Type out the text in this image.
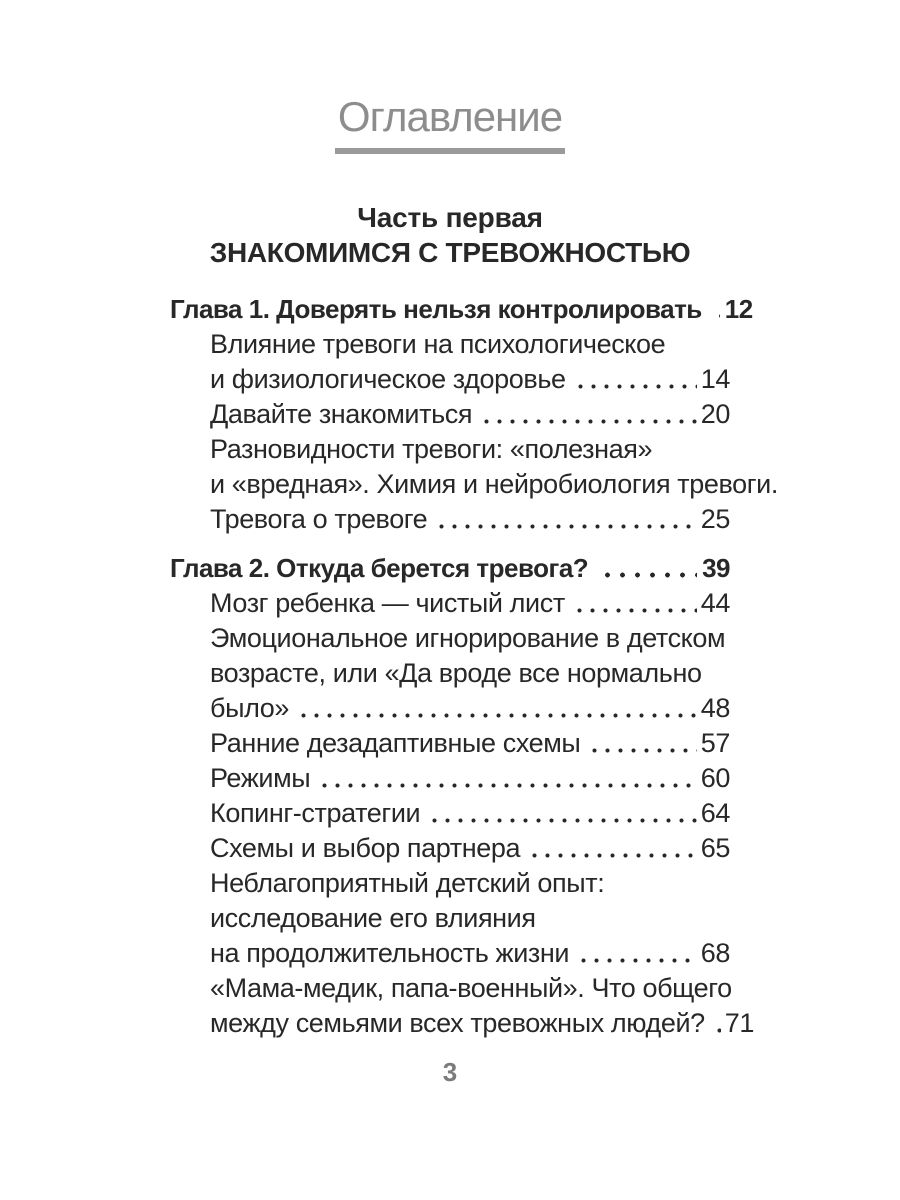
Оглавление
Часть первая
ЗНАКОМИМСЯ С ТРЕВОЖНОСТЬЮ
Глава 1. Доверять нельзя контролировать 12
Влияние тревоги на психологическое
и физиологическое здоровье	14
Давайте знакомиться	20
Разновидности тревоги: «полезная»
и «вредная». Химия и нейробиология тревоги.
Тревога о тревоге	25
Глава 2. Откуда берется тревога?	39
Мозг ребенка — чистый лист	44
Эмоциональное игнорирование в детском
возрасте, или «Да вроде все нормально
было»	48
Ранние дезадаптивные схемы	57
Режимы	60
Копинг-стратегии	64
Схемы и выбор партнера	65
Неблагоприятный детский опыт:
исследование его влияния
на продолжительность жизни	68
«Мама-медик, папа-военный». Что общего
между семьями всех тревожных людей? 71
3
